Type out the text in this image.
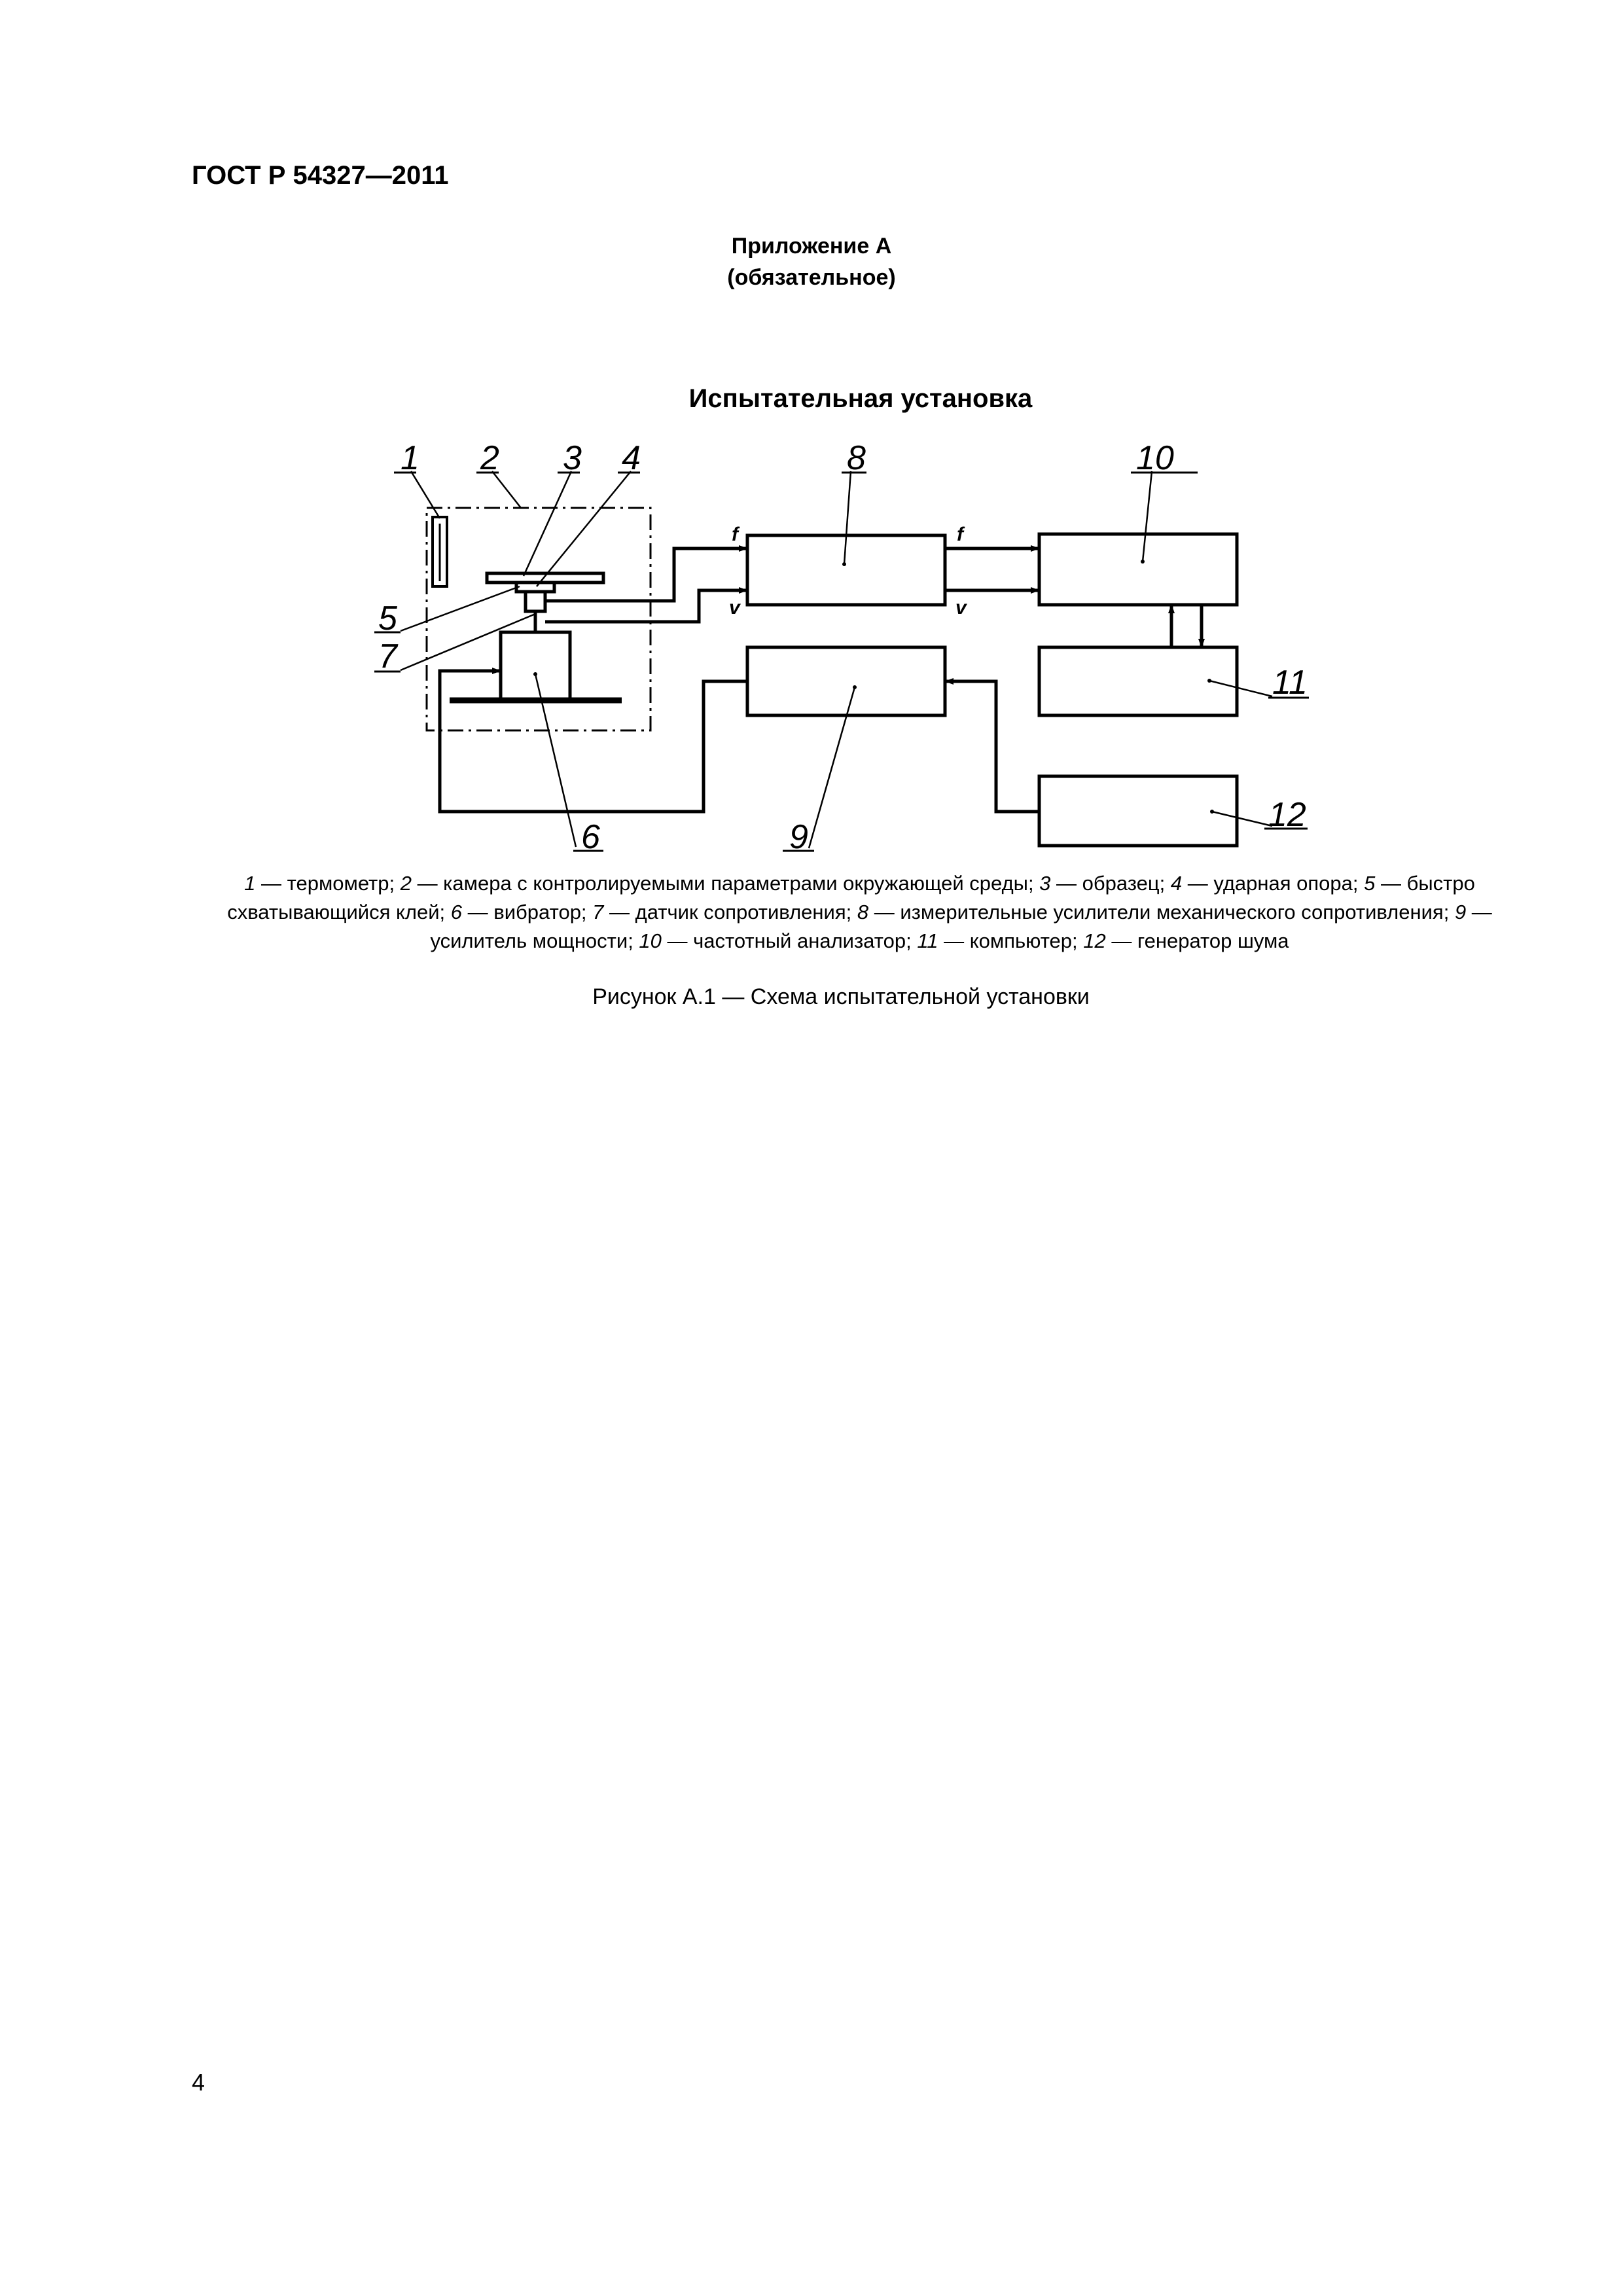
ГОСТ Р 54327—2011
Приложение А
(обязательное)
Испытательная установка
1 2 3 4
5
7
6
8
9
10
11
12
f
v
f
v
1 — термометр; 2 — камера с контролируемыми параметрами окружающей среды; 3 — образец; 4 — ударная опора; 5 — быстро схватывающийся клей; 6 — вибратор; 7 — датчик сопротивления; 8 — измерительные усилители механического сопротивления; 9 — усилитель мощности; 10 — частотный анализатор; 11 — компьютер; 12 — генератор шума
Рисунок А.1 — Схема испытательной установки
4
